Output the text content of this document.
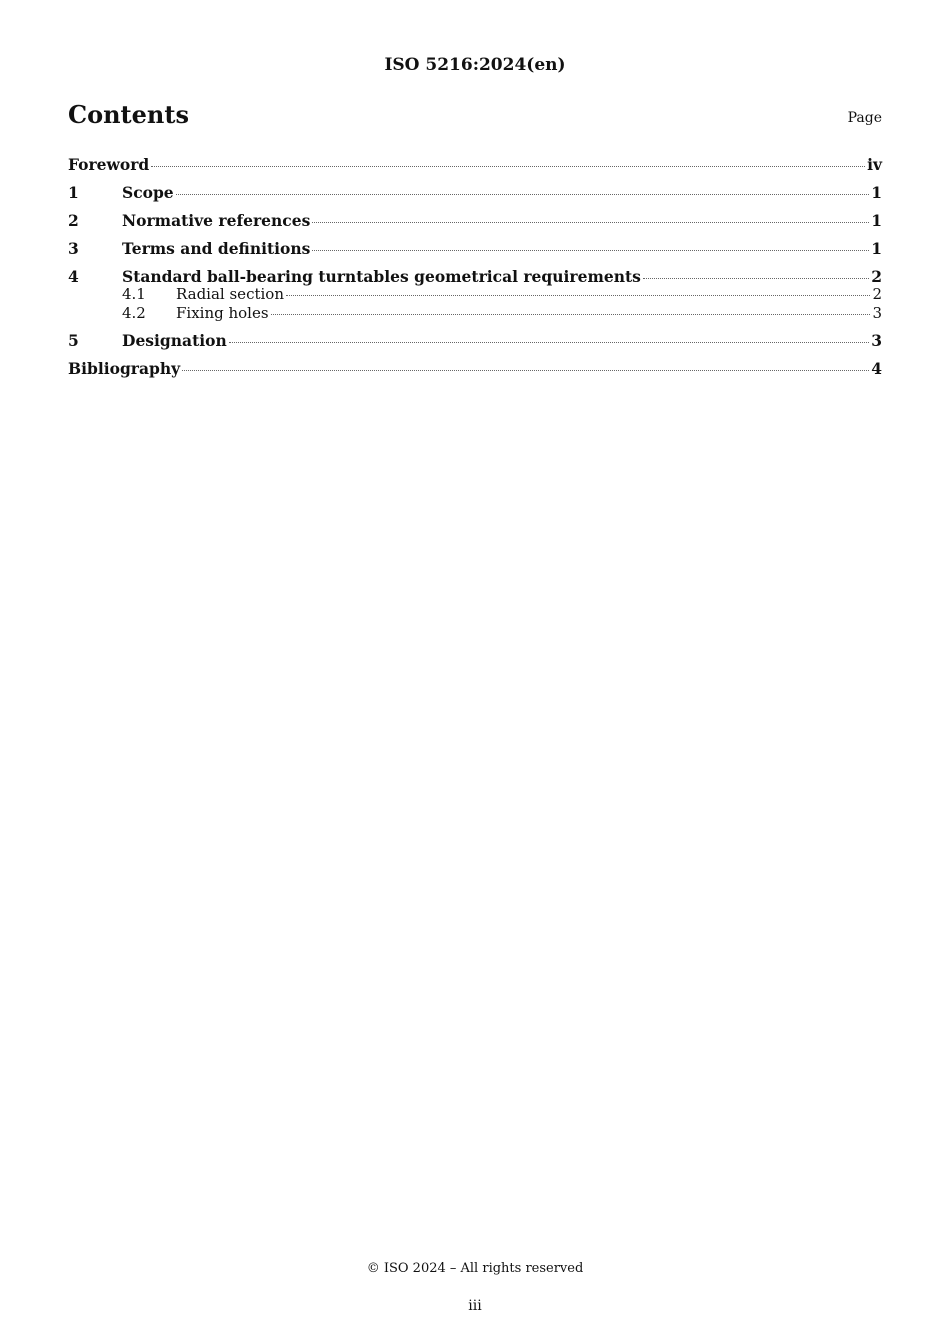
ISO 5216:2024(en)
Contents	Page
Foreword	iv
1	Scope	1
2	Normative references	1
3	Terms and definitions	1
4	Standard ball-bearing turntables geometrical requirements	2
4.1	Radial section	2
4.2	Fixing holes	3
5	Designation	3
Bibliography	4
© ISO 2024 – All rights reserved
iii
